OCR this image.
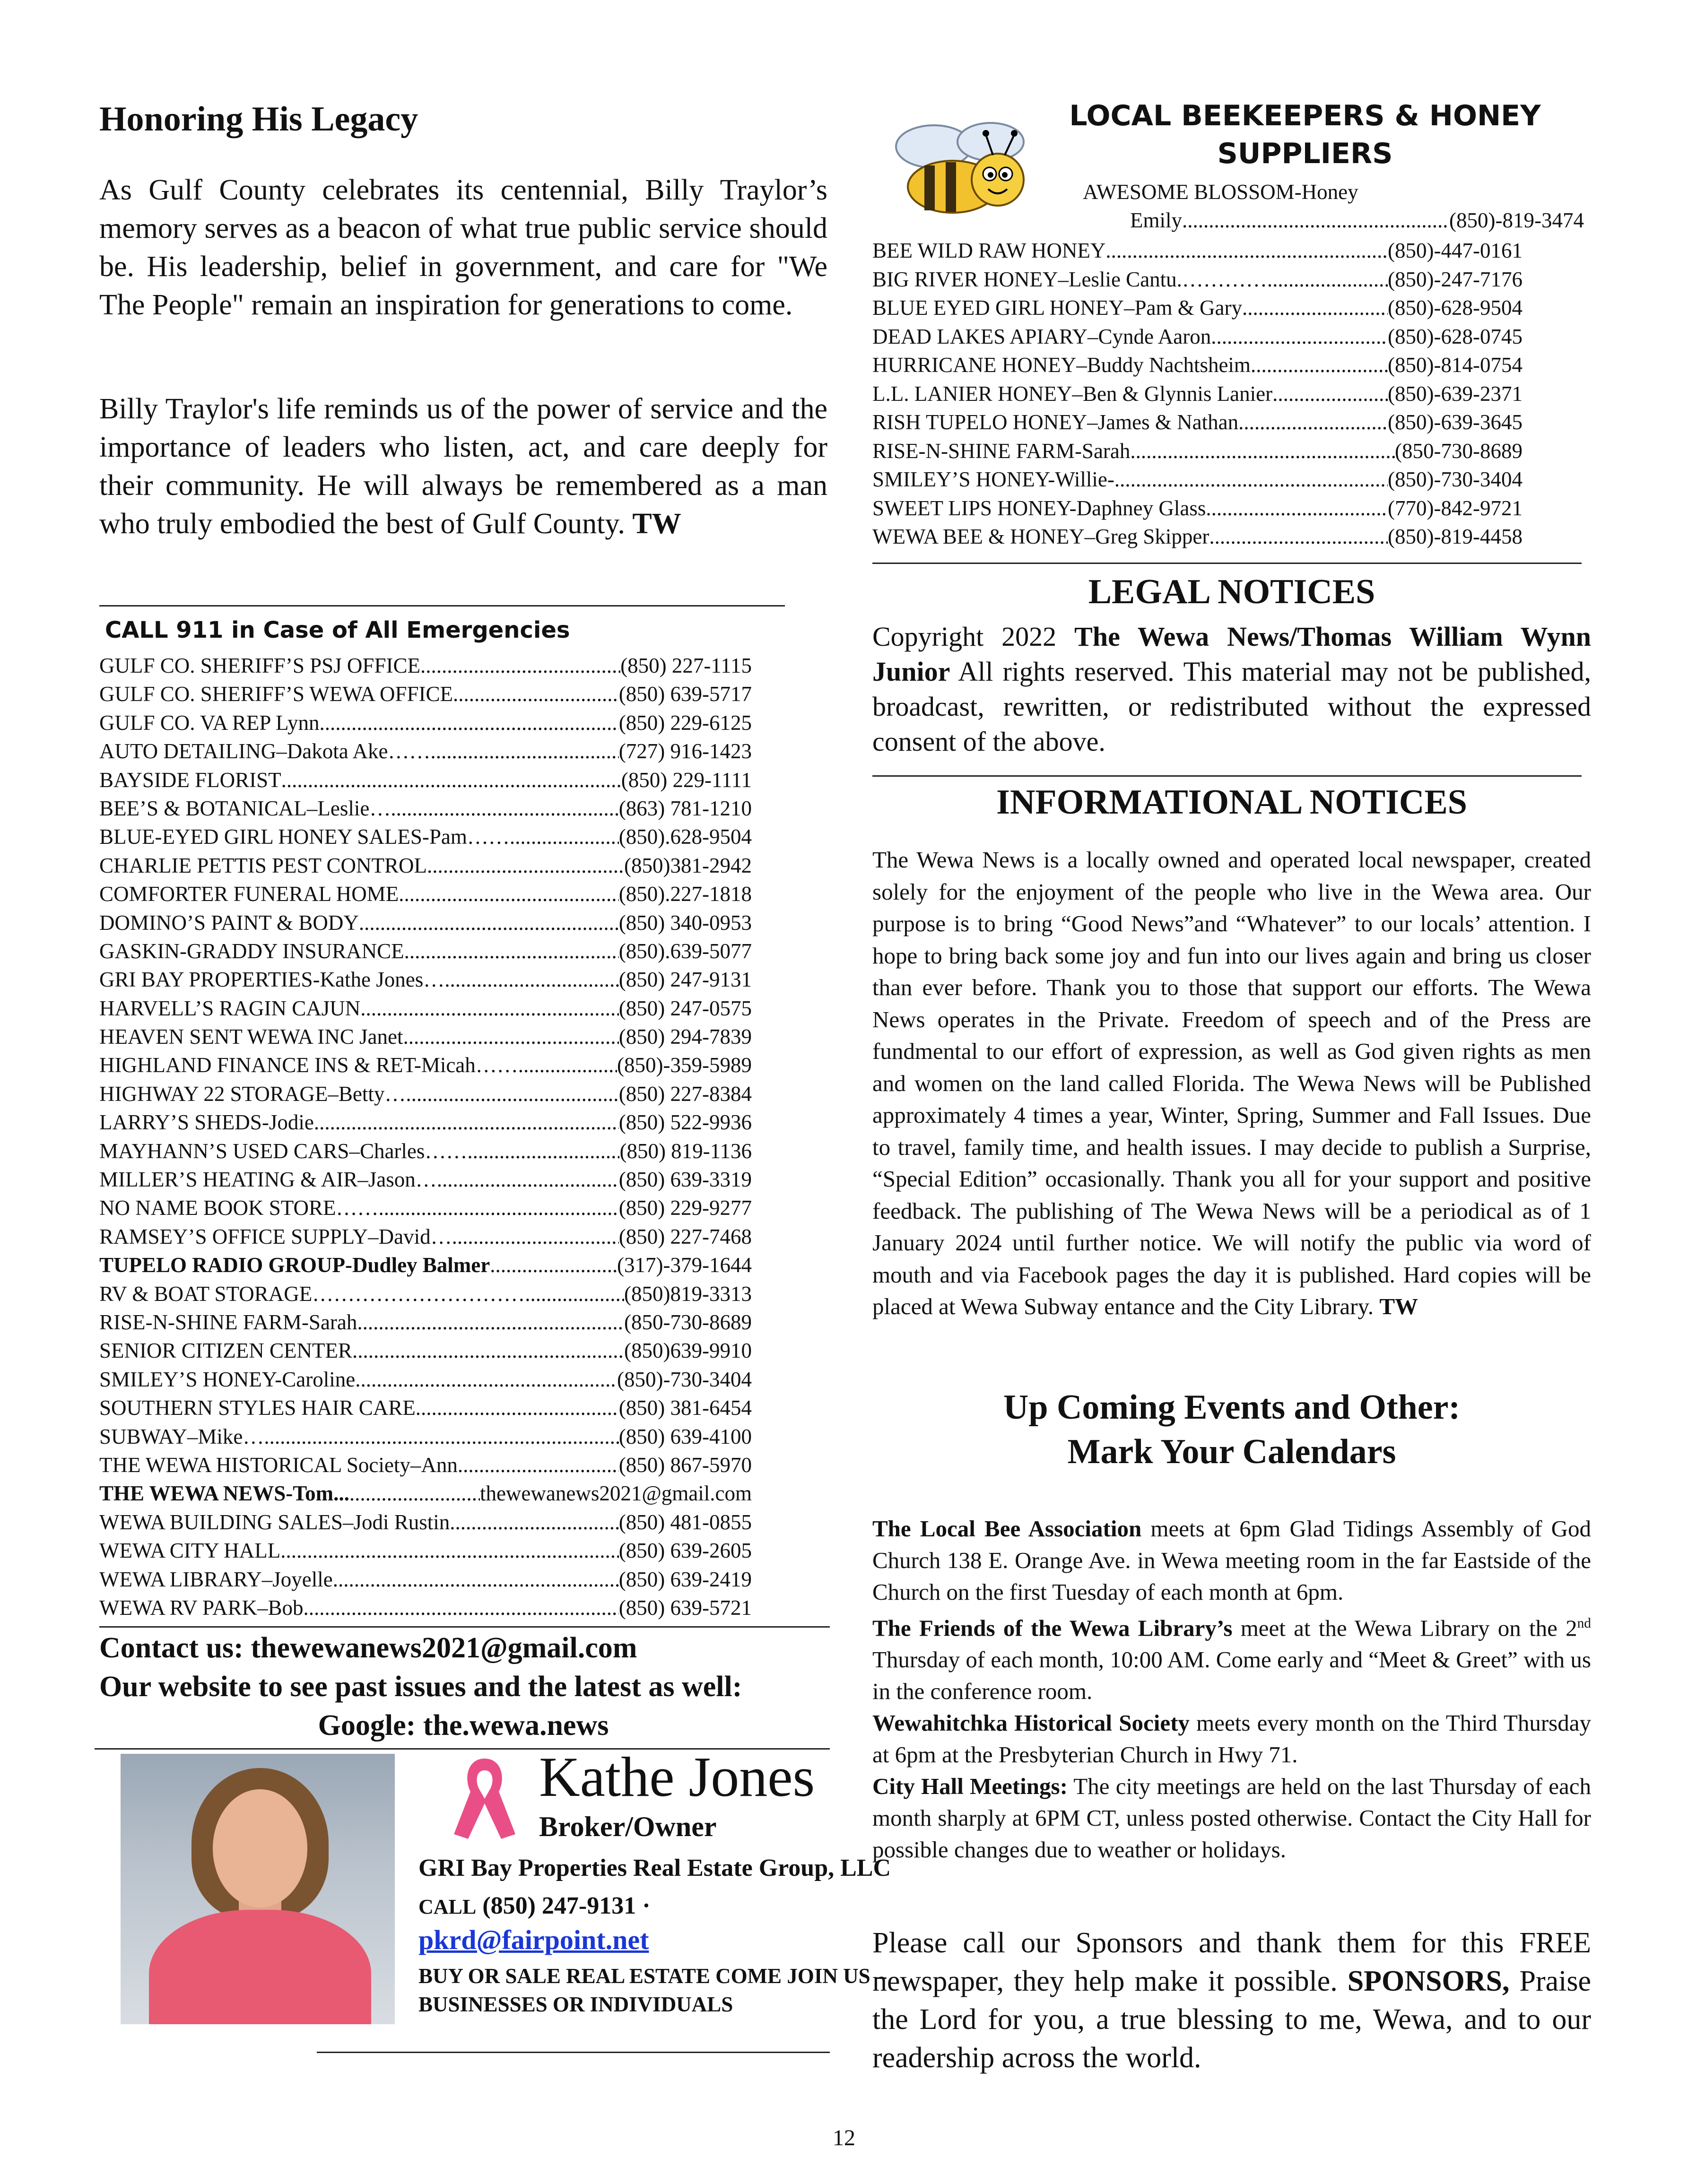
Honoring His Legacy
As Gulf County celebrates its centennial, Billy Traylor’s memory serves as a beacon of what true public service should be. His leadership, belief in government, and care for "We The People" remain an inspiration for generations to come.
Billy Traylor's life reminds us of the power of service and the importance of leaders who listen, act, and care deeply for their community. He will always be remembered as a man who truly embodied the best of Gulf County. TW
CALL 911 in Case of All Emergencies
GULF CO. SHERIFF’S PSJ OFFICE .....	(850) 227-1115
GULF CO. SHERIFF’S WEWA OFFICE .....	(850) 639-5717
GULF CO. VA REP Lynn .....	(850) 229-6125
AUTO DETAILING–Dakota Ake……. .....	(727) 916-1423
BAYSIDE FLORIST .....	(850) 229-1111
BEE’S & BOTANICAL–Leslie… .....	(863) 781-1210
BLUE-EYED GIRL HONEY SALES-Pam…… .....	(850).628-9504
CHARLIE PETTIS PEST CONTROL .....	(850)381-2942
COMFORTER FUNERAL HOME .....	(850).227-1818
DOMINO’S PAINT & BODY .....	(850) 340-0953
GASKIN-GRADDY INSURANCE .....	(850).639-5077
GRI BAY PROPERTIES-Kathe Jones… .....	(850) 247-9131
HARVELL’S RAGIN CAJUN .....	(850) 247-0575
HEAVEN SENT WEWA INC Janet .....	(850) 294-7839
HIGHLAND FINANCE INS & RET-Micah……. .....	(850)-359-5989
HIGHWAY 22 STORAGE–Betty… .....	(850) 227-8384
LARRY’S SHEDS-Jodie .....	(850) 522-9936
MAYHANN’S USED CARS–Charles…… .....	(850) 819-1136
MILLER’S HEATING & AIR–Jason… .....	(850) 639-3319
NO NAME BOOK STORE……. .....	(850) 229-9277
RAMSEY’S OFFICE SUPPLY–David… .....	(850) 227-7468
TUPELO RADIO GROUP-Dudley Balmer .....	(317)-379-1644
RV & BOAT STORAGE………………………… .....	(850)819-3313
RISE-N-SHINE FARM-Sarah .....	(850-730-8689
SENIOR CITIZEN CENTER .....	(850)639-9910
SMILEY’S HONEY-Caroline .....	(850)-730-3404
SOUTHERN STYLES HAIR CARE .....	(850) 381-6454
SUBWAY–Mike… .....	(850) 639-4100
THE WEWA HISTORICAL Society–Ann .....	(850) 867-5970
THE WEWA NEWS-Tom... .....	thewewanews2021@gmail.com
WEWA BUILDING SALES–Jodi Rustin .....	(850) 481-0855
WEWA CITY HALL .....	(850) 639-2605
WEWA LIBRARY–Joyelle .....	(850) 639-2419
WEWA RV PARK–Bob .....	(850) 639-5721
Contact us: thewewanews2021@gmail.com
Our website to see past issues and the latest as well:
Google: the.wewa.news
Kathe Jones
Broker/Owner
GRI Bay Properties Real Estate Group, LLC CALL (850) 247-9131 ·
pkrd@fairpoint.net
BUY OR SALE REAL ESTATE COME JOIN US – BUSINESSES OR INDIVIDUALS
LOCAL BEEKEEPERS & HONEY SUPPLIERS
AWESOME BLOSSOM-Honey
Emily .....	(850)-819-3474
BEE WILD RAW HONEY .....	(850)-447-0161
BIG RIVER HONEY–Leslie Cantu.…………. .....	(850)-247-7176
BLUE EYED GIRL HONEY–Pam & Gary .....	(850)-628-9504
DEAD LAKES APIARY–Cynde Aaron .....	(850)-628-0745
HURRICANE HONEY–Buddy Nachtsheim .....	(850)-814-0754
L.L. LANIER HONEY–Ben & Glynnis Lanier .....	(850)-639-2371
RISH TUPELO HONEY–James & Nathan .....	(850)-639-3645
RISE-N-SHINE FARM-Sarah .....	(850-730-8689
SMILEY’S HONEY-Willie- .....	(850)-730-3404
SWEET LIPS HONEY-Daphney Glass .....	(770)-842-9721
WEWA BEE & HONEY–Greg Skipper .....	(850)-819-4458
LEGAL NOTICES
Copyright 2022 The Wewa News/Thomas William Wynn Junior All rights reserved. This material may not be published, broadcast, rewritten, or redistributed without the expressed consent of the above.
INFORMATIONAL NOTICES
The Wewa News is a locally owned and operated local newspaper, created solely for the enjoyment of the people who live in the Wewa area. Our purpose is to bring “Good News”and “Whatever” to our locals’ attention. I hope to bring back some joy and fun into our lives again and bring us closer than ever before. Thank you to those that support our efforts. The Wewa News operates in the Private. Freedom of speech and of the Press are fundmental to our effort of expression, as well as God given rights as men and women on the land called Florida. The Wewa News will be Published approximately 4 times a year, Winter, Spring, Summer and Fall Issues. Due to travel, family time, and health issues. I may decide to publish a Surprise, “Special Edition” occasionally. Thank you all for your support and positive feedback. The publishing of The Wewa News will be a periodical as of 1 January 2024 until further notice. We will notify the public via word of mouth and via Facebook pages the day it is published. Hard copies will be placed at Wewa Subway entance and the City Library. TW
Up Coming Events and Other:
Mark Your Calendars

The Local Bee Association meets at 6pm Glad Tidings Assembly of God Church 138 E. Orange Ave. in Wewa meeting room in the far Eastside of the Church on the first Tuesday of each month at 6pm.

The Friends of the Wewa Library’s meet at the Wewa Library on the 2nd Thursday of each month, 10:00 AM. Come early and “Meet & Greet” with us in the conference room.

Wewahitchka Historical Society meets every month on the Third Thursday at 6pm at the Presbyterian Church in Hwy 71.

City Hall Meetings: The city meetings are held on the last Thursday of each month sharply at 6PM CT, unless posted otherwise. Contact the City Hall for possible changes due to weather or holidays.

Please call our Sponsors and thank them for this FREE newspaper, they help make it possible. SPONSORS, Praise the Lord for you, a true blessing to me, Wewa, and to our readership across the world.
12
